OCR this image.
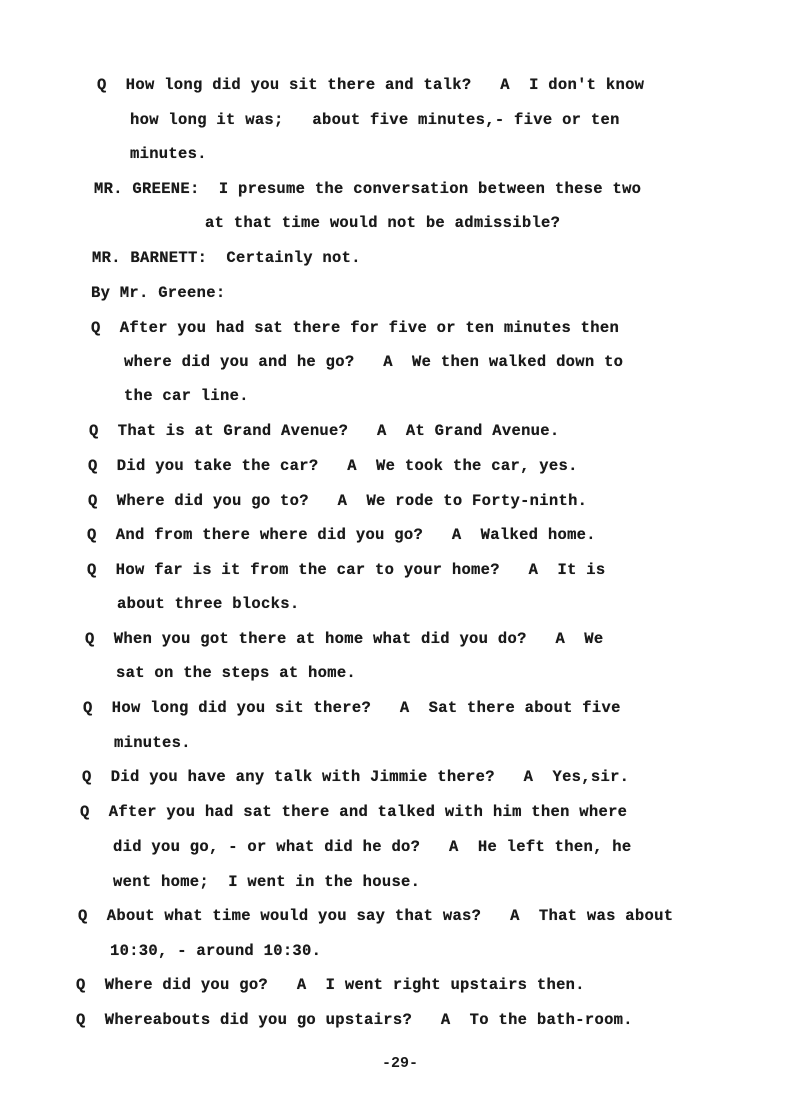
Q  How long did you sit there and talk?   A  I don't know
how long it was;   about five minutes,- five or ten
minutes.
MR. GREENE:  I presume the conversation between these two
at that time would not be admissible?
MR. BARNETT:  Certainly not.
By Mr. Greene:
Q  After you had sat there for five or ten minutes then
where did you and he go?   A  We then walked down to
the car line.
Q  That is at Grand Avenue?   A  At Grand Avenue.
Q  Did you take the car?   A  We took the car, yes.
Q  Where did you go to?   A  We rode to Forty-ninth.
Q  And from there where did you go?   A  Walked home.
Q  How far is it from the car to your home?   A  It is
about three blocks.
Q  When you got there at home what did you do?   A  We
sat on the steps at home.
Q  How long did you sit there?   A  Sat there about five
minutes.
Q  Did you have any talk with Jimmie there?   A  Yes,sir.
Q  After you had sat there and talked with him then where
did you go, - or what did he do?   A  He left then, he
went home;  I went in the house.
Q  About what time would you say that was?   A  That was about
10:30, - around 10:30.
Q  Where did you go?   A  I went right upstairs then.
Q  Whereabouts did you go upstairs?   A  To the bath-room.
-29-
